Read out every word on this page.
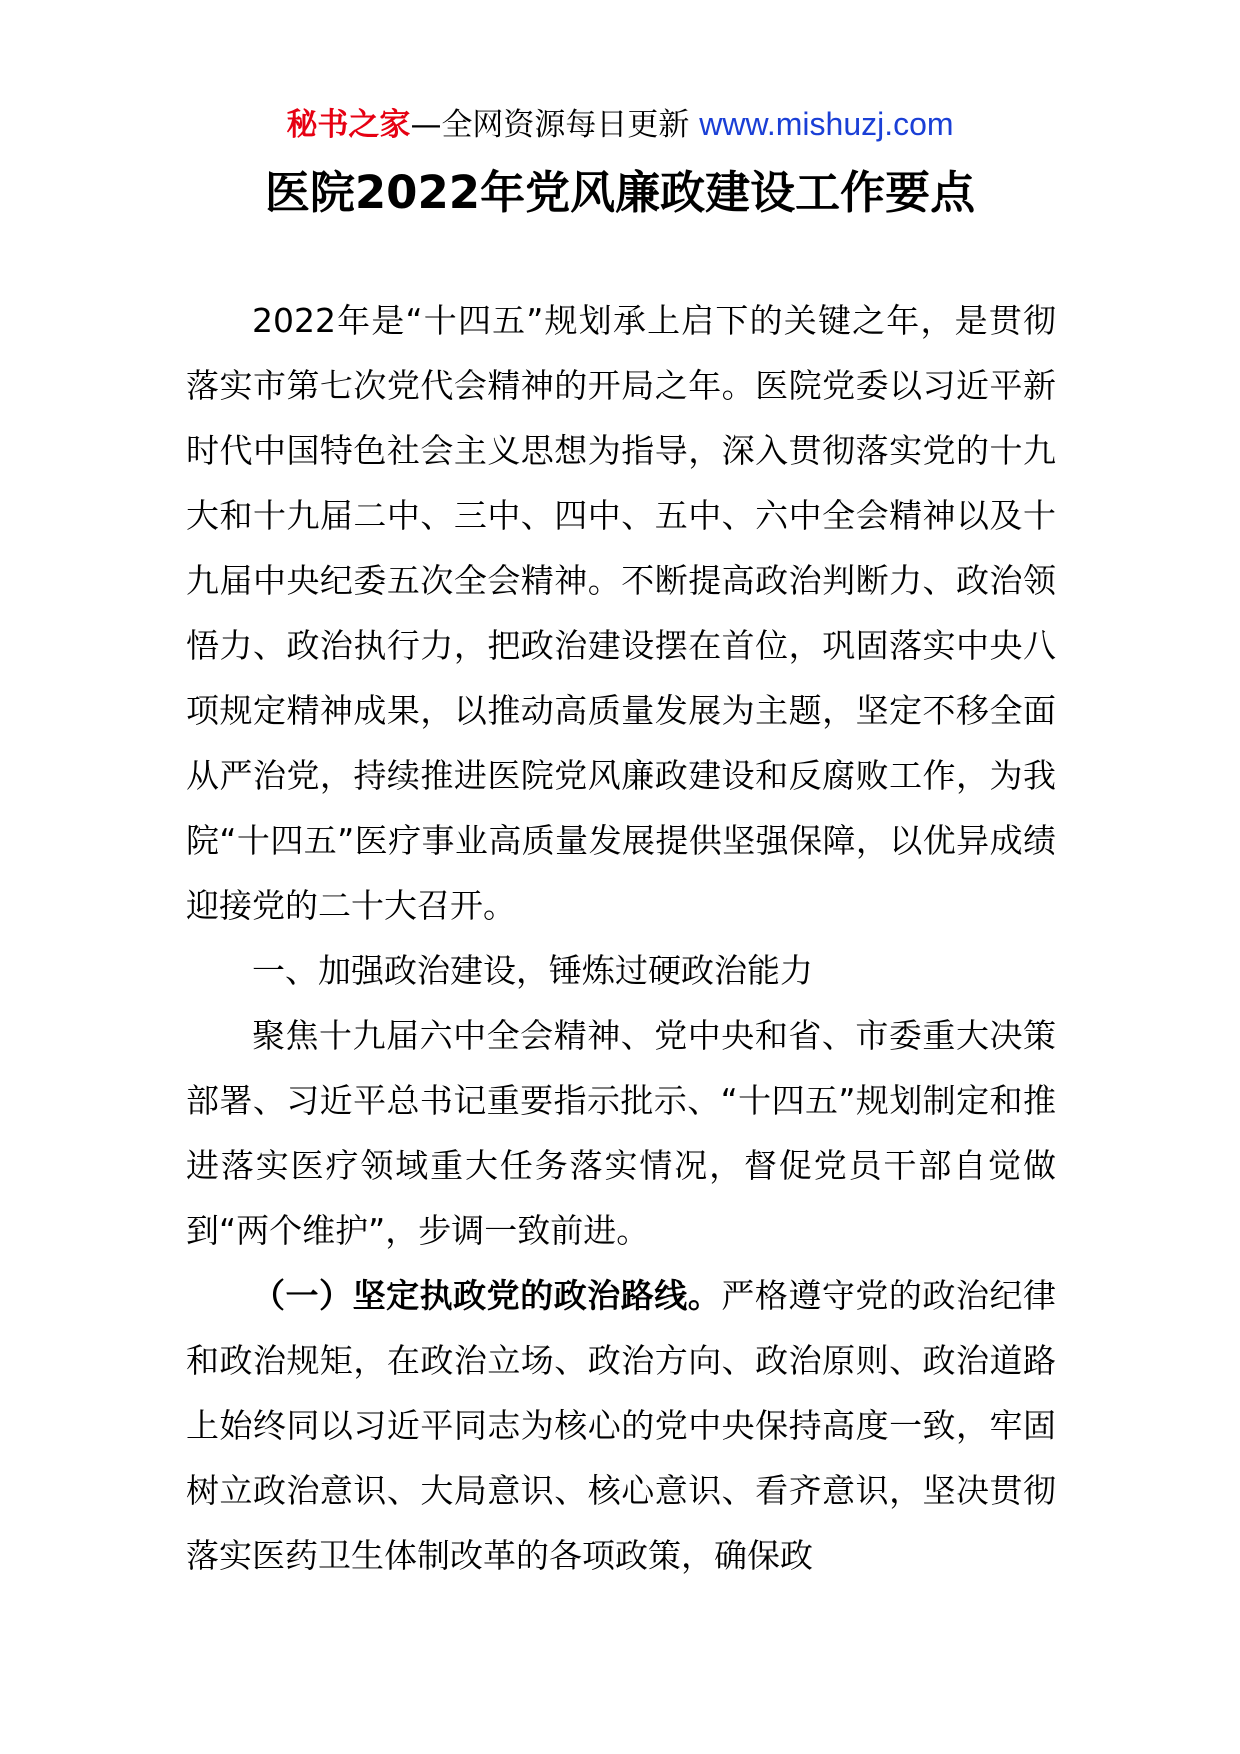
秘书之家—全网资源每日更新 www.mishuzj.com
医院2022年党风廉政建设工作要点

2022年是“十四五”规划承上启下的关键之年，是贯彻落实市第七次党代会精神的开局之年。医院党委以习近平新时代中国特色社会主义思想为指导，深入贯彻落实党的十九大和十九届二中、三中、四中、五中、六中全会精神以及十九届中央纪委五次全会精神。不断提高政治判断力、政治领悟力、政治执行力，把政治建设摆在首位，巩固落实中央八项规定精神成果，以推动高质量发展为主题，坚定不移全面从严治党，持续推进医院党风廉政建设和反腐败工作，为我院“十四五”医疗事业高质量发展提供坚强保障，以优异成绩迎接党的二十大召开。

一、加强政治建设，锤炼过硬政治能力

聚焦十九届六中全会精神、党中央和省、市委重大决策部署、习近平总书记重要指示批示、“十四五”规划制定和推进落实医疗领域重大任务落实情况，督促党员干部自觉做到“两个维护”，步调一致前进。

（一）坚定执政党的政治路线。严格遵守党的政治纪律和政治规矩，在政治立场、政治方向、政治原则、政治道路上始终同以习近平同志为核心的党中央保持高度一致，牢固树立政治意识、大局意识、核心意识、看齐意识，坚决贯彻落实医药卫生体制改革的各项政策，确保政
